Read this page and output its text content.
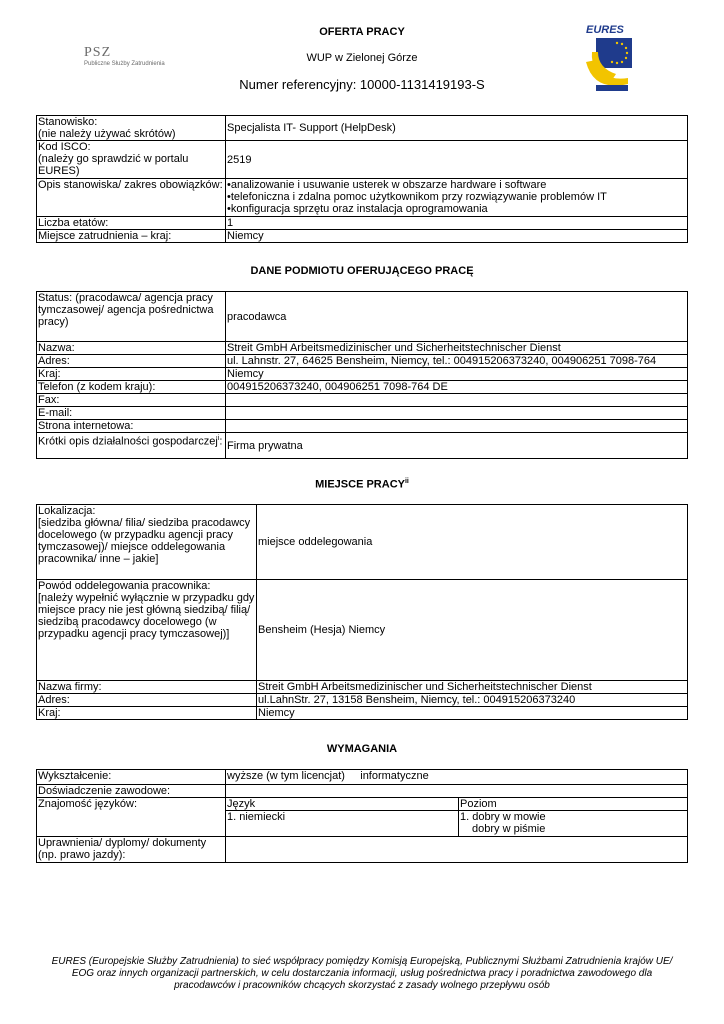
OFERTA PRACY
WUP w Zielonej Górze
Numer referencyjny: 10000-1131419193-S
PSZ
Publiczne Służby Zatrudnienia
EURES
Stanowisko:
(nie należy używać skrótów)	Specjalista IT- Support (HelpDesk)
Kod ISCO:
(należy go sprawdzić w portalu EURES)	2519
Opis stanowiska/ zakres obowiązków:	•analizowanie i usuwanie usterek w obszarze hardware i software
•telefoniczna i zdalna pomoc użytkownikom przy rozwiązywanie problemów IT
•konfiguracja sprzętu oraz instalacja oprogramowania
Liczba etatów:	1
Miejsce zatrudnienia – kraj:	Niemcy
DANE PODMIOTU OFERUJĄCEGO PRACĘ
Status: (pracodawca/ agencja pracy tymczasowej/ agencja pośrednictwa pracy)	pracodawca
Nazwa:	Streit GmbH Arbeitsmedizinischer und Sicherheitstechnischer Dienst
Adres:	ul. Lahnstr. 27, 64625 Bensheim, Niemcy, tel.: 004915206373240, 004906251 7098-764
Kraj:	Niemcy
Telefon (z kodem kraju):	004915206373240, 004906251 7098-764 DE
Fax:	
E-mail:	
Strona internetowa:	
Krótki opis działalności gospodarczej$^i$:	Firma prywatna
MIEJSCE PRACY$^{ii}$
Lokalizacja:
[siedziba główna/ filia/ siedziba pracodawcy docelowego (w przypadku agencji pracy tymczasowej)/ miejsce oddelegowania pracownika/ inne – jakie]	miejsce oddelegowania
Powód oddelegowania pracownika:
[należy wypełnić wyłącznie w przypadku gdy miejsce pracy nie jest główną siedzibą/ filią/ siedzibą pracodawcy docelowego (w przypadku agencji pracy tymczasowej)]	Bensheim (Hesja) Niemcy
Nazwa firmy:	Streit GmbH Arbeitsmedizinischer und Sicherheitstechnischer Dienst
Adres:	ul.LahnStr. 27, 13158 Bensheim, Niemcy, tel.: 004915206373240
Kraj:	Niemcy
WYMAGANIA
Wykształcenie:	wyższe (w tym licencjat) informatyczne	
Doświadczenie zawodowe:		
Znajomość języków:	Język	Poziom
	1. niemiecki	1. dobry w mowie
dobry w piśmie

Uprawnienia/ dyplomy/ dokumenty (np. prawo jazdy):		
EURES (Europejskie Służby Zatrudnienia) to sieć współpracy pomiędzy Komisją Europejską, Publicznymi Służbami Zatrudnienia krajów UE/ EOG oraz innych organizacji partnerskich, w celu dostarczania informacji, usług pośrednictwa pracy i poradnictwa zawodowego dla pracodawców i pracowników chcących skorzystać z zasady wolnego przepływu osób
